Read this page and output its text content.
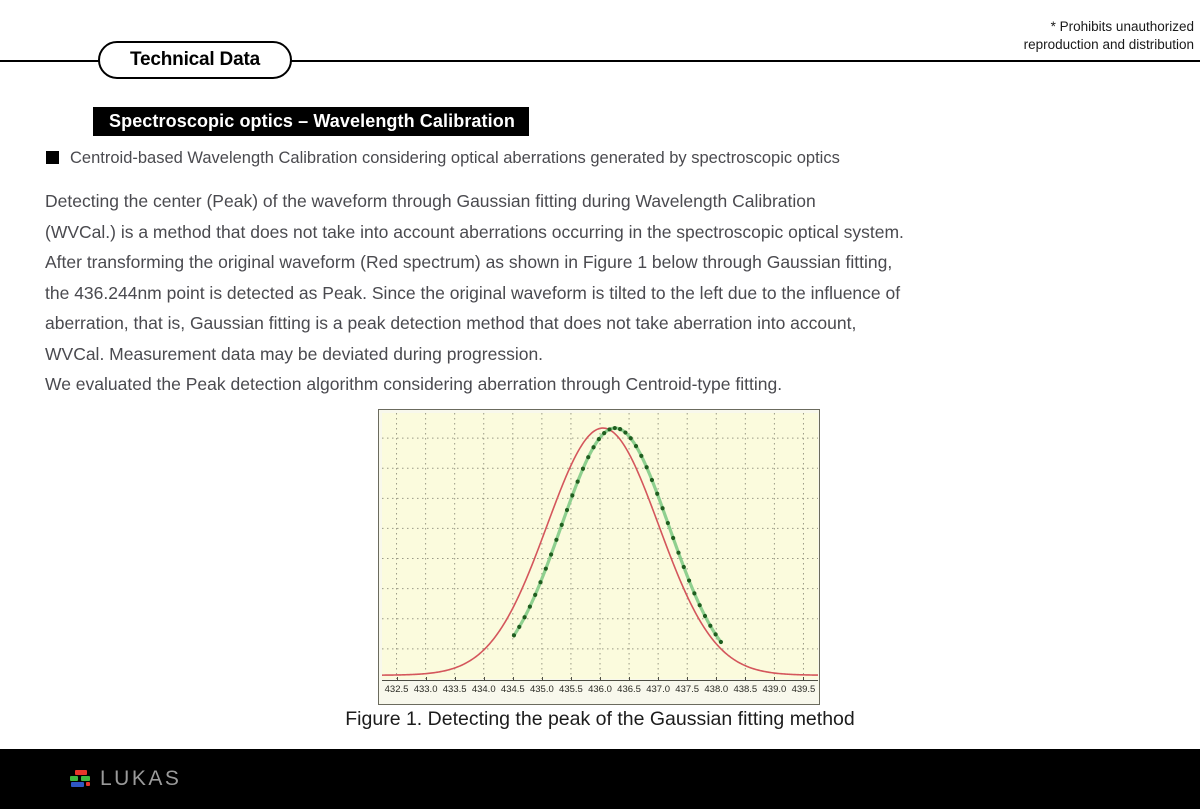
* Prohibits unauthorized
reproduction and distribution
Technical Data
Spectroscopic optics – Wavelength Calibration
Centroid-based Wavelength Calibration considering optical aberrations generated by spectroscopic optics
Detecting the center (Peak) of the waveform through Gaussian fitting during Wavelength Calibration
(WVCal.) is a method that does not take into account aberrations occurring in the spectroscopic optical system.
After transforming the original waveform (Red spectrum) as shown in Figure 1 below through Gaussian fitting,
the 436.244nm point is detected as Peak. Since the original waveform is tilted to the left due to the influence of
aberration, that is, Gaussian fitting is a peak detection method that does not take aberration into account,
WVCal. Measurement data may be deviated during progression.
We evaluated the Peak detection algorithm considering aberration through Centroid-type fitting.
432.5 433.0 433.5 434.0 434.5 435.0 435.5 436.0 436.5 437.0 437.5 438.0 438.5 439.0 439.5
Figure 1. Detecting the peak of the Gaussian fitting method
LUKAS
